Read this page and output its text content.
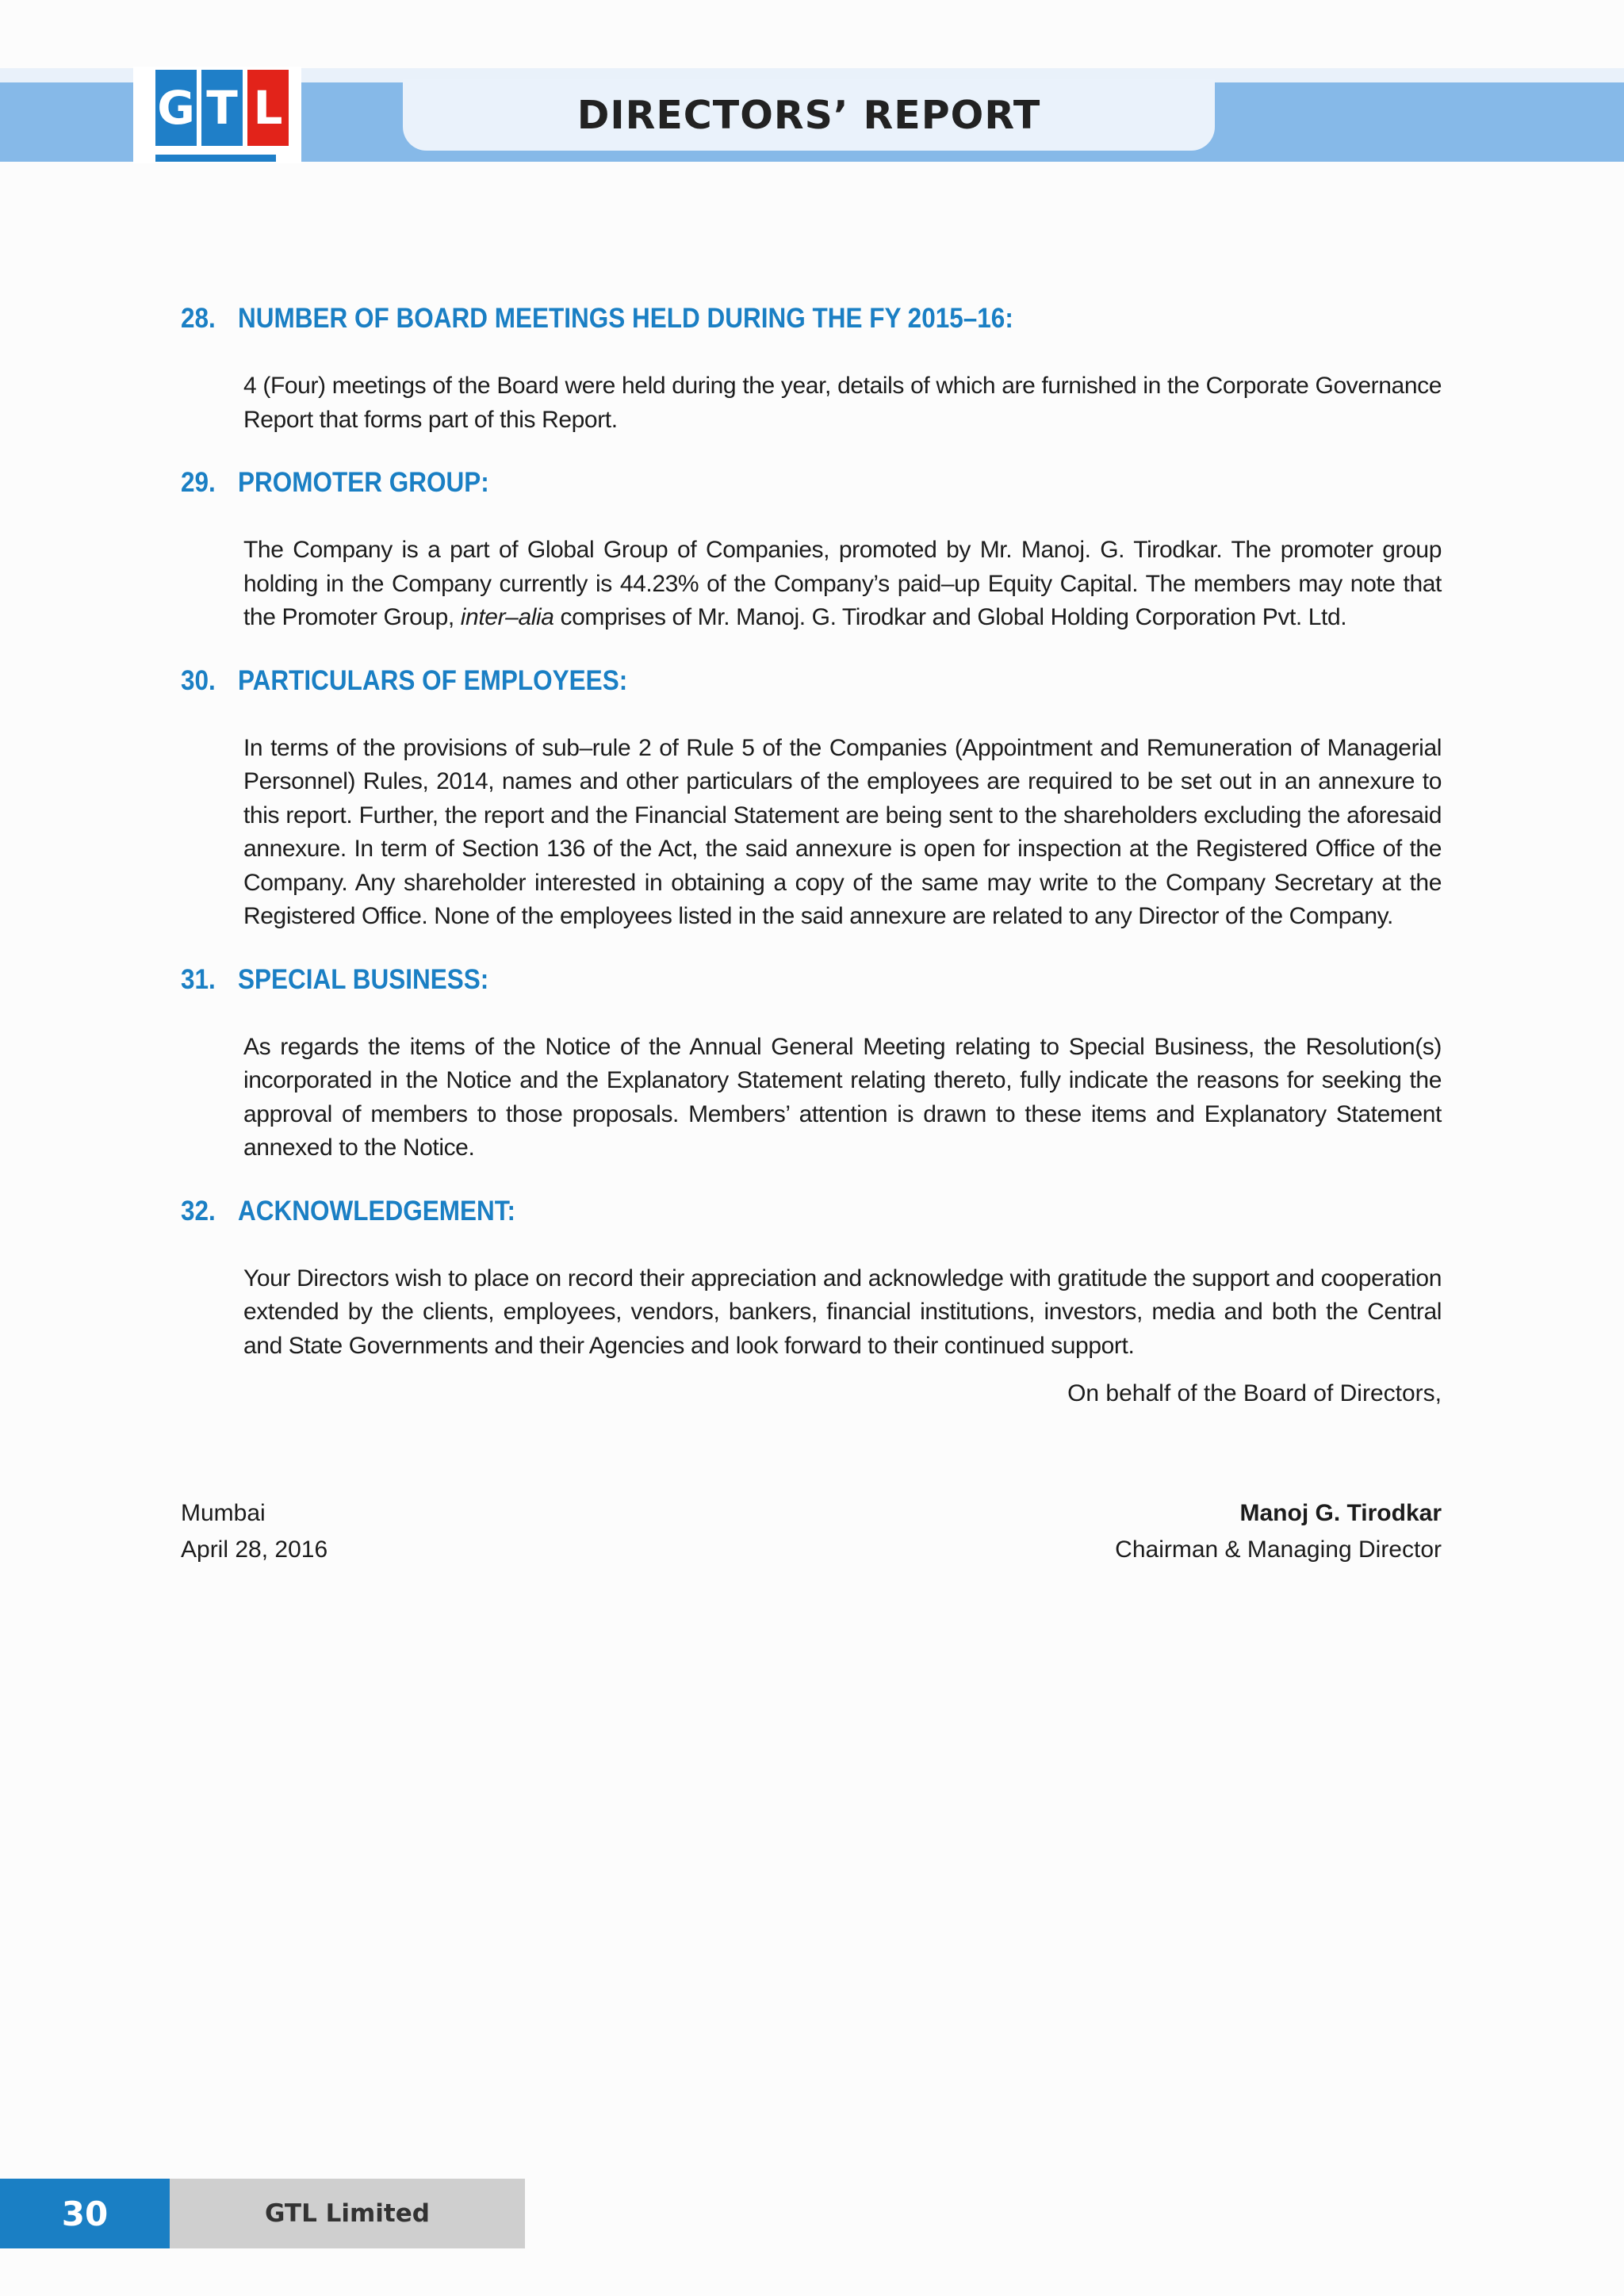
G T L	DIRECTORS’ REPORT
28. NUMBER OF BOARD MEETINGS HELD DURING THE FY 2015–16:
4 (Four) meetings of the Board were held during the year, details of which are furnished in the Corporate Governance Report that forms part of this Report.
29. PROMOTER GROUP:
The Company is a part of Global Group of Companies, promoted by Mr. Manoj. G. Tirodkar. The promoter group holding in the Company currently is 44.23% of the Company’s paid–up Equity Capital. The members may note that the Promoter Group, inter–alia comprises of Mr. Manoj. G. Tirodkar and Global Holding Corporation Pvt. Ltd.
30. PARTICULARS OF EMPLOYEES:
In terms of the provisions of sub–rule 2 of Rule 5 of the Companies (Appointment and Remuneration of Managerial Personnel) Rules, 2014, names and other particulars of the employees are required to be set out in an annexure to this report. Further, the report and the Financial Statement are being sent to the shareholders excluding the aforesaid annexure. In term of Section 136 of the Act, the said annexure is open for inspection at the Registered Office of the Company. Any shareholder interested in obtaining a copy of the same may write to the Company Secretary at the Registered Office. None of the employees listed in the said annexure are related to any Director of the Company.
31. SPECIAL BUSINESS:
As regards the items of the Notice of the Annual General Meeting relating to Special Business, the Resolution(s) incorporated in the Notice and the Explanatory Statement relating thereto, fully indicate the reasons for seeking the approval of members to those proposals. Members’ attention is drawn to these items and Explanatory Statement annexed to the Notice.
32. ACKNOWLEDGEMENT:
Your Directors wish to place on record their appreciation and acknowledge with gratitude the support and cooperation extended by the clients, employees, vendors, bankers, financial institutions, investors, media and both the Central and State Governments and their Agencies and look forward to their continued support.
On behalf of the Board of Directors,
Mumbai
April 28, 2016
Manoj G. Tirodkar
Chairman & Managing Director
30	GTL Limited
